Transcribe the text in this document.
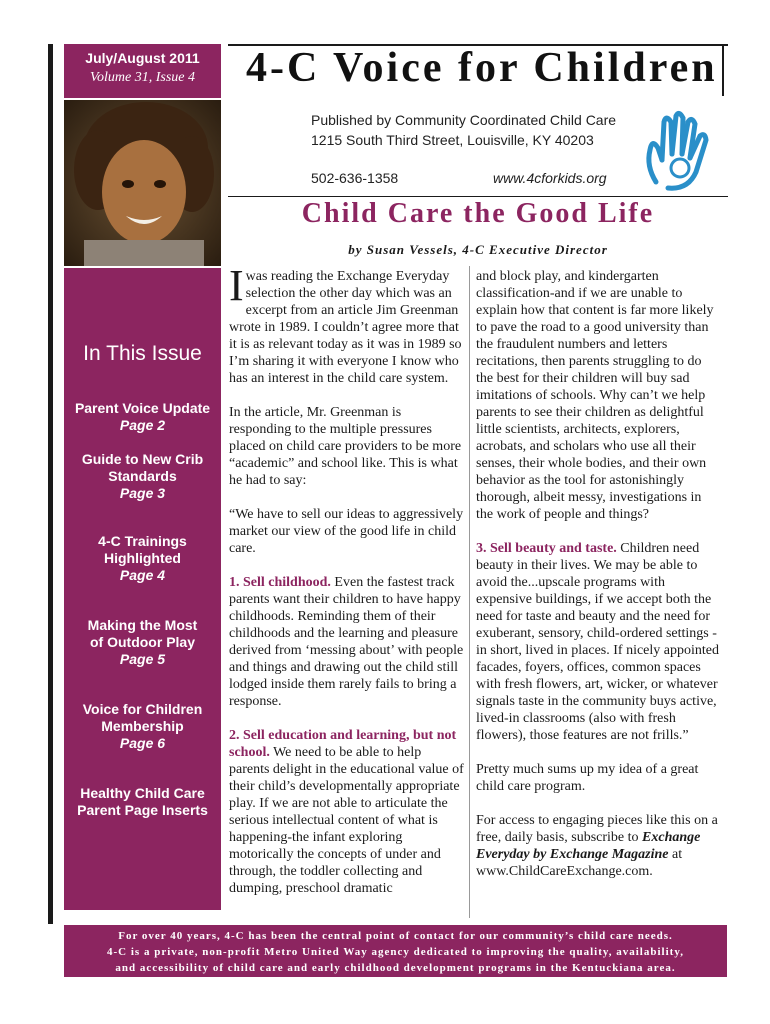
July/August 2011
Volume 31, Issue 4	4-C Voice for Children
Published by Community Coordinated Child Care
1215 South Third Street, Louisville, KY 40203
502-636-1358	www.4cforkids.org
In This Issue
Parent Voice Update
Page 2
Guide to New Crib Standards
Page 3
4-C Trainings Highlighted
Page 4
Making the Most of Outdoor Play
Page 5
Voice for Children Membership
Page 6
Healthy Child Care Parent Page Inserts
Child Care the Good Life
by Susan Vessels, 4-C Executive Director

Iwas reading the Exchange Everyday selection the other day which was an excerpt from an article Jim Greenman wrote in 1989. I couldn’t agree more that it is as relevant today as it was in 1989 so I’m sharing it with everyone I know who has an interest in the child care system.

In the article, Mr. Greenman is responding to the multiple pressures placed on child care providers to be more “academic” and school like. This is what he had to say:

“We have to sell our ideas to aggressively market our view of the good life in child care.

1. Sell childhood. Even the fastest track parents want their children to have happy childhoods. Reminding them of their childhoods and the learning and pleasure derived from ‘messing about’ with people and things and drawing out the child still lodged inside them rarely fails to bring a response.

2. Sell education and learning, but not school. We need to be able to help parents delight in the educational value of their child’s developmentally appropriate play. If we are not able to articulate the serious intellectual content of what is happening-the infant exploring motorically the concepts of under and through, the toddler collecting and dumping, preschool dramatic

and block play, and kindergarten classification-and if we are unable to explain how that content is far more likely to pave the road to a good university than the fraudulent numbers and letters recitations, then parents struggling to do the best for their children will buy sad imitations of schools. Why can’t we help parents to see their children as delightful little scientists, architects, explorers, acrobats, and scholars who use all their senses, their whole bodies, and their own behavior as the tool for astonishingly thorough, albeit messy, investigations in the work of people and things?

3. Sell beauty and taste. Children need beauty in their lives. We may be able to avoid the...upscale programs with expensive buildings, if we accept both the need for taste and beauty and the need for exuberant, sensory, child-ordered settings - in short, lived in places. If nicely appointed facades, foyers, offices, common spaces with fresh flowers, art, wicker, or whatever signals taste in the community buys active, lived-in classrooms (also with fresh flowers), those features are not frills.”

Pretty much sums up my idea of a great child care program.

For access to engaging pieces like this on a free, daily basis, subscribe to Exchange Everyday by Exchange Magazine at www.ChildCareExchange.com.

For over 40 years, 4-C has been the central point of contact for our community’s child care needs.
4-C is a private, non-profit Metro United Way agency dedicated to improving the quality, availability,
and accessibility of child care and early childhood development programs in the Kentuckiana area.
